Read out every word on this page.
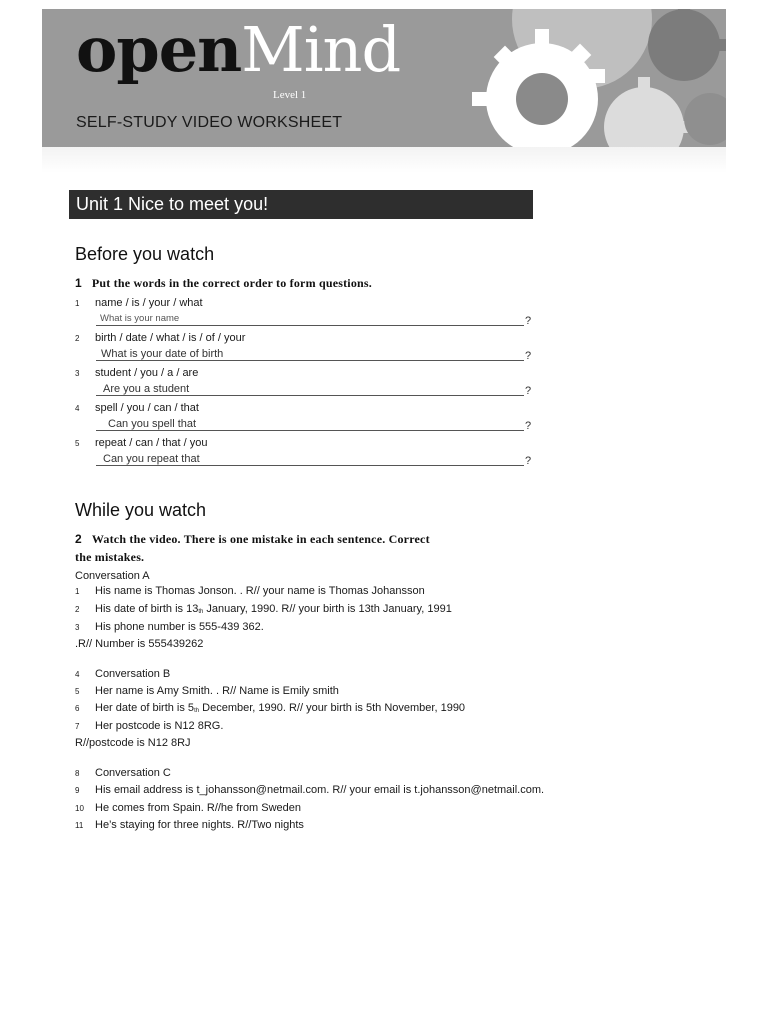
openMind
Level 1
SELF-STUDY VIDEO WORKSHEET
Unit 1 Nice to meet you!
Before you watch
1 Put the words in the correct order to form questions.
1 name / is / your / what
What is your name	?
2 birth / date / what / is / of / your
What is your date of birth	?
3 student / you / a / are
Are you a student	?
4 spell / you / can / that
Can you spell that	?
5 repeat / can / that / you
Can you repeat that	?
While you watch
2 Watch the video. There is one mistake in each sentence. Correct
the mistakes.
Conversation A
1 His name is Thomas Jonson. . R// your name is Thomas Johansson
2 His date of birth is $13_{th}$ January, 1990. R// your birth is 13th January, 1991
3 His phone number is 555-439 362.
.R// Number is 555439262
4 Conversation B
5 Her name is Amy Smith. . R// Name is Emily smith
6 Her date of birth is $5_{th}$ December, 1990. R// your birth is 5th November, 1990
7 Her postcode is N12 8RG.
R//postcode is N12 8RJ
8 Conversation C
9 His email address is t_johansson@netmail.com. R// your email is t.johansson@netmail.com.
10 He comes from Spain. R//he from Sweden
11 He’s staying for three nights. R//Two nights
